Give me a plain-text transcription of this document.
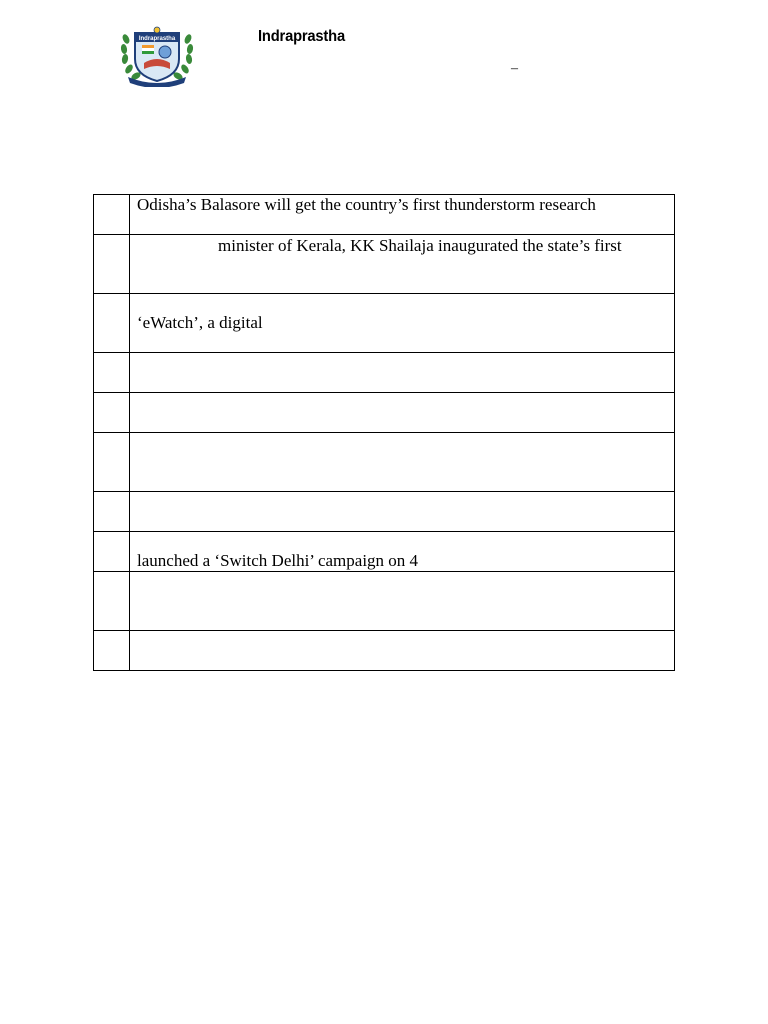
Indraprastha	Indraprastha
–

	Odisha’s Balasore will get the country’s first thunderstorm research

	minister of Kerala, KK Shailaja inaugurated the state’s first

	‘eWatch’, a digital

	launched a ‘Switch Delhi’ campaign on 4
